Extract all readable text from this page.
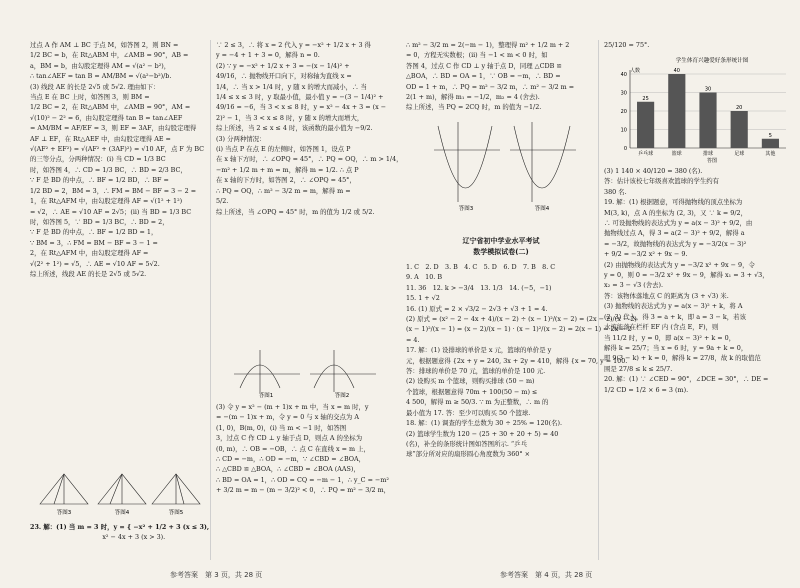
过点 A 作 AM ⊥ BC 于点 M，如答图 2，则 BN =

1/2 BC = b，在 Rt△ABM 中，∠AMB = 90°，AB =

a，BM = b，由勾股定理得 AM = √(a² − b²)，

∴ tan∠AEF = tan B = AM/BM = √(a²−b²)/b.

(3) 线段 AE 的长是 2√5 或 5√2. 理由如下：

当点 E 在 BC 上时，如答图 3，则 BM =

1/2 BC = 2，在 Rt△ABM 中，∠AMB = 90°，AM =

√(10)² − 2² = 6，由勾股定理得 tan B = tan∠AEF

= AM/BM = AF/EF = 3，则 EF = 3AF，由勾股定理得

AF ⊥ EF，在 Rt△AEF 中，由勾股定理得 AE =

√(AF² + EF²) = √(AF² + (3AF)²) = √10 AF，点 F 为 BC

的三等分点，分两种情况：(i) 当 CD = 1/3 BC

时，如答图 4，∴ CD = 1/3 BC，∴ BD = 2/3 BC，

∵ F 是 BD 的中点，∴ BF = 1/2 BD，∴ BF =

1/2 BD = 2，BM = 3，∴ FM = BM − BF = 3 − 2 =

1，在 Rt△AFM 中，由勾股定理得 AF = √(1² + 1²)

= √2，∴ AE = √10 AF = 2√5；(ii) 当 BD = 1/3 BC

时，如答图 5，∵ BD = 1/3 BC，∴ BD = 2，

∵ F 是 BD 的中点，∴ BF = 1/2 BD = 1，

∵ BM = 3，∴ FM = BM − BF = 3 − 1 =

2，在 Rt△AFM 中，由勾股定理得 AF =

√(2² + 1²) = √5，∴ AE = √10 AF = 5√2.

综上所述，线段 AE 的长是 2√5 或 5√2.

答图3	答图4	答图5

23. 解：(1) 当 m = 3 时，y = { −x² + 1/2 + 3 (x ≤ 3),

　　　　　　　　　　　 x² − 4x + 3 (x > 3).

∵ 2 ≤ 3，∴ 将 x = 2 代入 y = −x² + 1/2 x + 3 得

y = −4 + 1 + 3 = 0，解得 n = 0.

(2) ∵ y = −x² + 1/2 x + 3 = −(x − 1/4)² +

49/16，∴ 抛物线开口向下，对称轴为直线 x =

1/4，∴ 当 x > 1/4 时，y 随 x 的增大而减小，∴ 当

1/4 ≤ x ≤ 3 时，y 取最小值，最小值 y = −(3 − 1/4)² +

49/16 = −6，当 3 < x ≤ 8 时，y = x² − 4x + 3 = (x −

2)² − 1，当 3 < x ≤ 8 时，y 随 x 的增大而增大，

综上所述，当 2 ≤ x ≤ 4 时，该函数的最小值为 −9/2.

(3) 分两种情况：

(i) 当点 P 在点 E 的左侧时，如答图 1，设点 P

在 x 轴下方时，∴ ∠OPQ = 45°，∴ PQ = OQ，∴ m > 1/4，

−m² + 1/2 m + m = m，解得 m = 1/2. ∴ 点 P

在 x 轴的下方时，如答图 2，∴ ∠OPQ = 45°，

∴ PQ = OQ，∴ m² − 3/2 m = m，解得 m =

5/2.

综上所述，当 ∠OPQ = 45° 时，m 的值为 1/2 或 5/2.

答图1	答图2

(3) 令 y = x² − (m + 1)x + m 中，当 x = m 时，y

= −(m − 1)x + m，令 y = 0 与 x 轴的交点为 A

(1, 0)，B(m, 0)，(i) 当 m < −1 时，如答图

3，过点 C 作 CD ⊥ y 轴于点 D，则点 A 的坐标为

(0, m)，∴ OB = −OB，∴ 点 C 在直线 x = m 上，

∴ CD = −m，∴ OD = −m，∵ ∠CBD = ∠BOA，

∴ △CBD ≌ △BOA，∴ ∠CBD = ∠BOA (AAS)，

∴ BD = OA = 1，∴ OD = CQ = −m − 1，∴ y_C = −m²

+ 3/2 m = m − (m − 3/2)² < 0，∴ PQ = m² − 3/2 m，

参考答案　第 3 页，共 28 页

∴ m² − 3/2 m = 2(−m − 1)，整理得 m² + 1/2 m + 2

= 0，方程无实数根；(ii) 当 −1 < m < 0 时，如

答图 4，过点 C 作 CD ⊥ y 轴于点 D，同理 △CDB ≌

△BOA，∴ BD = OA = 1，∵ OB = −m，∴ BD =

OD = 1 + m，∴ PQ = m² − 3/2 m，∴ m² − 3/2 m =

2(1 + m)，解得 m₁ = −1/2，m₂ = 4 (舍去).

综上所述，当 PQ = 2CQ 时，m 的值为 −1/2.

答图3	答图4
辽宁省初中学业水平考试
数学模拟试卷(二)

1. C　2. D　3. B　4. C　5. D　6. D　7. B　8. C

9. A　10. B

11. 36　12. k > −3/4　13. 1/3　14. (−5，−1)

15. 1 + √2

16. (1) 原式 = 2 × √3/2 − 2√3 + √3 + 1 = 4.

(2) 原式 = (x² − 2 − 4x + 4)/(x − 2) ÷ (x − 1)²/(x − 2) = (2x − 2)/(x − 2)

(x − 1)²/(x − 1) = (x − 2)/(x − 1) · (x − 1)²/(x − 2) = 2(x − 1) = 2x − 2

= 4.

17. 解：(1) 设排球的单价是 x 元，篮球的单价是 y

元，根据题意得 {2x + y = 240, 3x + 2y = 410，解得 {x = 70, y = 100.

答：排球的单价是 70 元，篮球的单价是 100 元.

(2) 设购买 m 个篮球，则购买排球 (50 − m)

个篮球，根据题意得 70m + 100(50 − m) ≤

4 500，解得 m ≥ 50/3. ∵ m 为正整数，∴ m 的

最小值为 17. 答：至少可以购买 50 个篮球.

18. 解：(1) 调查的学生总数为 30 ÷ 25% = 120(名).

(2) 篮球学生数为 120 − (25 + 30 + 20 + 5) = 40

(名)，补全的条形统计图如答图所示. “乒乓

球”部分所对应的扇形圆心角度数为 360° ×

25/120 = 75°.

学生体育兴趣爱好条形统计图
人数
答图
0
10
20
30
40
25
乒乓球
40
篮球
30
排球
20
足球
5
其他

(3) 1 140 × 40/120 = 380 (名).

答：估计该校七年级喜欢篮球的学生约有

380 名.

19. 解：(1) 根据题意，可得抛物线的顶点坐标为

M(3, k)，点 A 的坐标为 (2, 3)，又 ∵ k = 9/2，

∴ 可设抛物线的表达式为 y = a(x − 3)² + 9/2，由

抛物线过点 A，得 3 = a(2 − 3)² + 9/2，解得 a

= −3/2，故抛物线的表达式为 y = −3/2(x − 3)²

+ 9/2 = −3/2 x² + 9x − 9.

(2) 由抛物线的表达式为 y = −3/2 x² + 9x − 9，令

y = 0，则 0 = −3/2 x² + 9x − 9，解得 x₁ = 3 + √3，

x₂ = 3 − √3 (舍去).

答：该物体落地点 C 的距离为 (3 + √3) 米.

(3) 抛物线的表达式为 y = a(x − 3)² + k，将 A

(2, 3) 代入，得 3 = a + k，即 a = 3 − k，若该

水流能落在栏杆 EF 内 (含点 E，F)，则

当 11/2 时，y = 0，即 a(x − 3)² + k = 0，

解得 k = 25/7；当 x = 6 时，y = 9a + k = 0，

即 9(3 − k) + k = 0，解得 k = 27/8，故 k 的取值范

围是 27/8 ≤ k ≤ 25/7.

20. 解：(1) ∵ ∠CED = 90°，∠DCE = 30°，∴ DE =

1/2 CD = 1/2 × 6 = 3 (m).

参考答案　第 4 页，共 28 页
